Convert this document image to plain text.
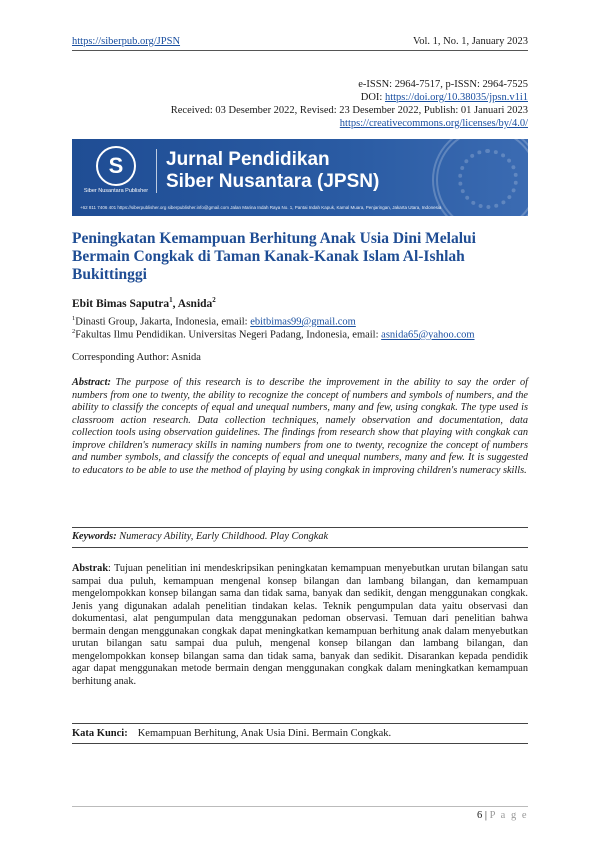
https://siberpub.org/JPSN	Vol. 1, No. 1, January 2023
e-ISSN: 2964-7517, p-ISSN: 2964-7525
DOI: https://doi.org/10.38035/jpsn.v1i1
Received: 03 Desember 2022, Revised: 23 Desember 2022, Publish: 01 Januari 2023
https://creativecommons.org/licenses/by/4.0/
S
Siber Nusantara Publisher
Jurnal Pendidikan
Siber Nusantara (JPSN)
+62 811 7406 401 https://siberpublisher.org siberpublisher.info@gmail.com Jalan Marina Indah Raya No. 1, Pantai Indah Kapuk, Kamal Muara, Penjaringan, Jakarta Utara, Indonesia
Peningkatan Kemampuan Berhitung Anak Usia Dini Melalui Bermain Congkak di Taman Kanak-Kanak Islam Al-Ishlah Bukittinggi
Ebit Bimas Saputra$^1$, Asnida$^2$
$^1$Dinasti Group, Jakarta, Indonesia, email: ebitbimas99@gmail.com
$^2$Fakultas Ilmu Pendidikan. Universitas Negeri Padang, Indonesia, email: asnida65@yahoo.com
Corresponding Author: Asnida
Abstract: The purpose of this research is to describe the improvement in the ability to say the order of numbers from one to twenty, the ability to recognize the concept of numbers and symbols of numbers, and the ability to classify the concepts of equal and unequal numbers, many and few, using congkak. The type used is classroom action research. Data collection techniques, namely observation and documentation, data collection tools using observation guidelines. The findings from research show that playing with congkak can improve children's numeracy skills in naming numbers from one to twenty, recognize the concept of numbers and number symbols, and classify the concepts of equal and unequal numbers, many and few. It is suggested to educators to be able to use the method of playing by using congkak in improving children's numeracy skills.
Keywords: Numeracy Ability, Early Childhood. Play Congkak
Abstrak: Tujuan penelitian ini mendeskripsikan peningkatan kemampuan menyebutkan urutan bilangan satu sampai dua puluh, kemampuan mengenal konsep bilangan dan lambang bilangan, dan kemampuan mengelompokkan konsep bilangan sama dan tidak sama, banyak dan sedikit, dengan menggunakan congkak. Jenis yang digunakan adalah penelitian tindakan kelas. Teknik pengumpulan data yaitu observasi dan dokumentasi, alat pengumpulan data menggunakan pedoman observasi. Temuan dari penelitian bahwa bermain dengan menggunakan congkak dapat meningkatkan kemampuan berhitung anak dalam menyebutkan urutan bilangan satu sampai dua puluh, mengenal konsep bilangan dan lambang bilangan, dan mengelompokkan konsep bilangan sama dan tidak sama, banyak dan sedikit. Disarankan kepada pendidik agar dapat menggunakan metode bermain dengan menggunakan congkak dalam meningkatkan kemampuan berhitung anak.
Kata Kunci: Kemampuan Berhitung, Anak Usia Dini. Bermain Congkak.
6 | P a g e
